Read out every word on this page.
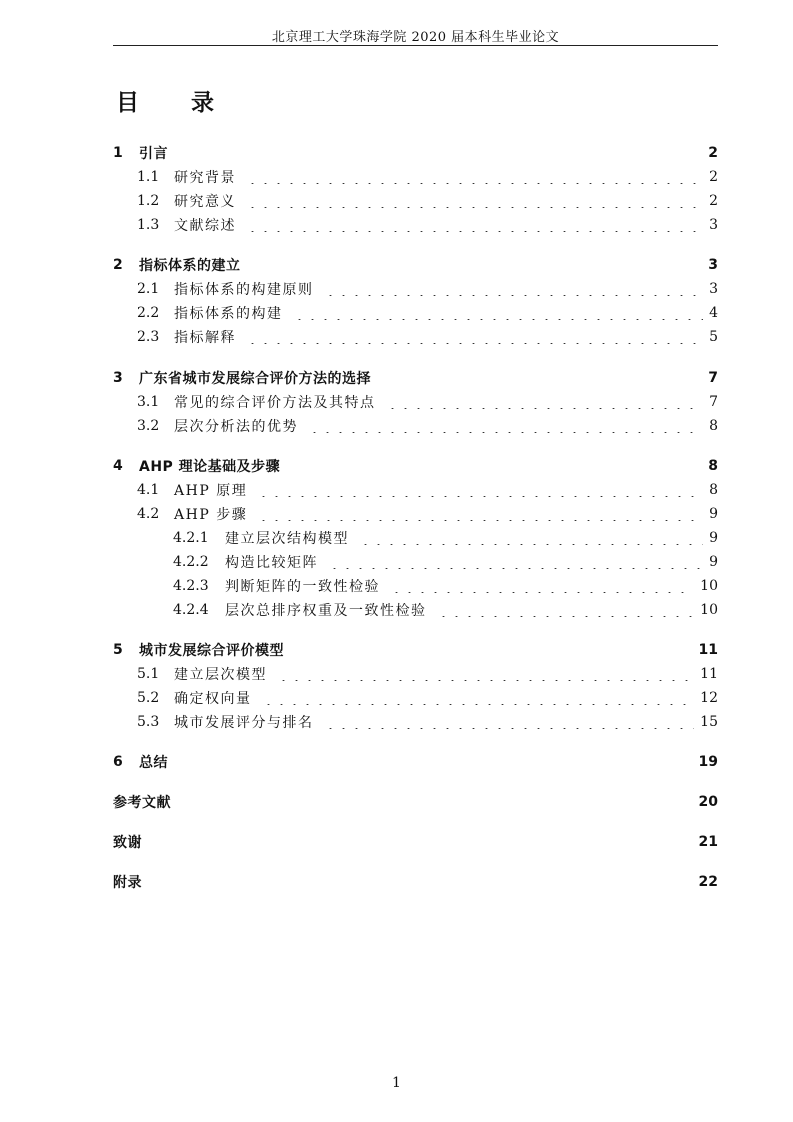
北京理工大学珠海学院 2020 届本科生毕业论文
目 录
1	引言	2
1.1	研究背景	2
1.2	研究意义	2
1.3	文献综述	3
2	指标体系的建立	3
2.1	指标体系的构建原则	3
2.2	指标体系的构建	4
2.3	指标解释	5
3	广东省城市发展综合评价方法的选择	7
3.1	常见的综合评价方法及其特点	7
3.2	层次分析法的优势	8
4	AHP 理论基础及步骤	8
4.1	AHP 原理	8
4.2	AHP 步骤	9
4.2.1	建立层次结构模型	9
4.2.2	构造比较矩阵	9
4.2.3	判断矩阵的一致性检验	10
4.2.4	层次总排序权重及一致性检验	10
5	城市发展综合评价模型	11
5.1	建立层次模型	11
5.2	确定权向量	12
5.3	城市发展评分与排名	15
6	总结	19
参考文献	20
致谢	21
附录	22
1
